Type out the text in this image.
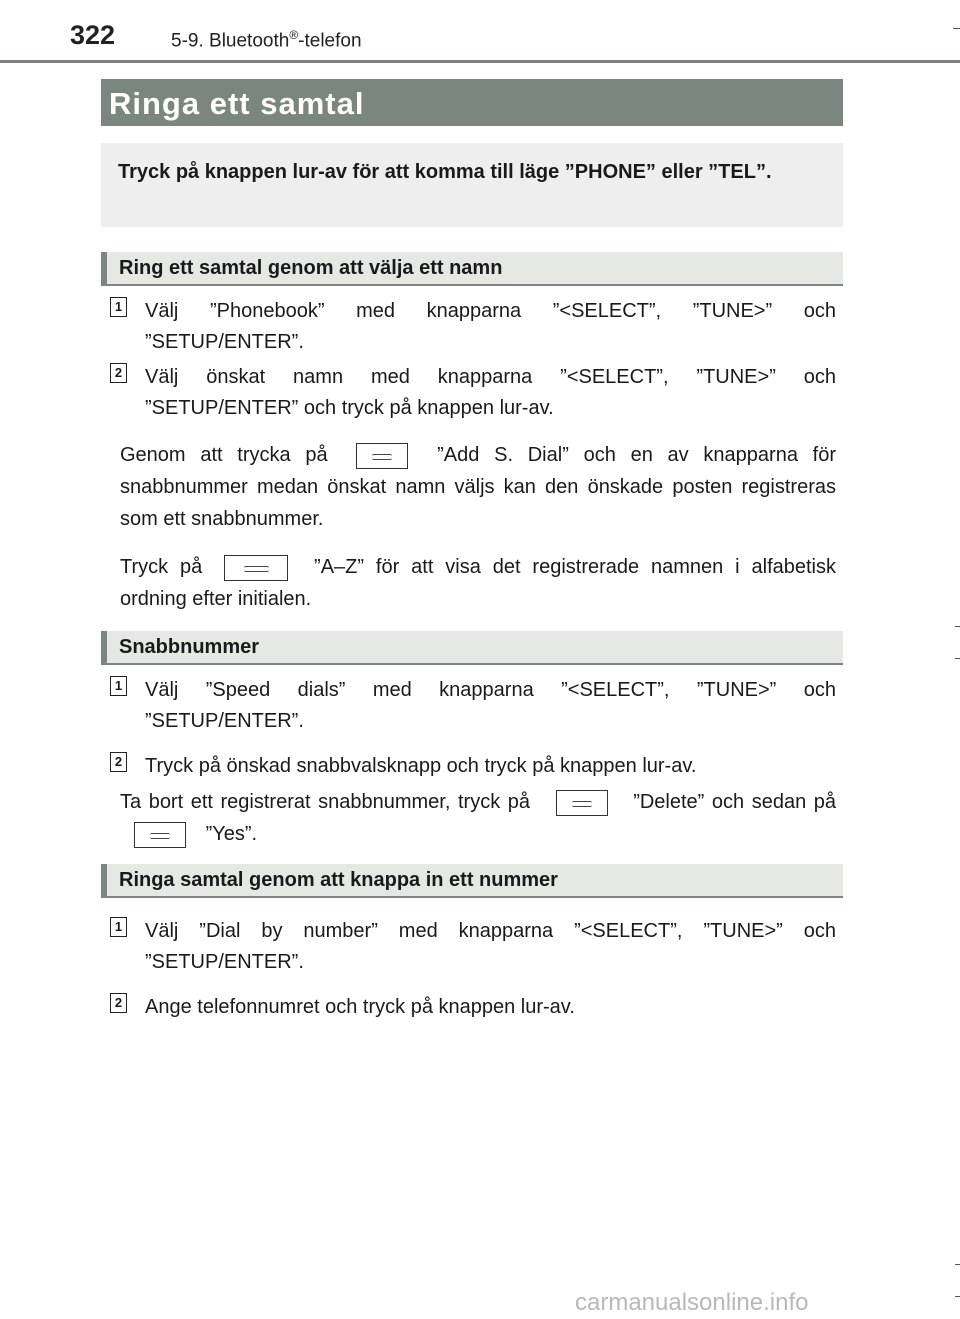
322	5-9. Bluetooth®-telefon
Ringa ett samtal
Tryck på knappen lur-av för att komma till läge ”PHONE” eller ”TEL”.
Ring ett samtal genom att välja ett namn
1 Välj ”Phonebook” med knapparna ”<SELECT”, ”TUNE>” och ”SETUP/ENTER”.
2 Välj önskat namn med knapparna ”<SELECT”, ”TUNE>” och ”SETUP/ENTER” och tryck på knappen lur-av.
Genom att trycka på	”Add S. Dial” och en av knapparna för snabbnummer medan önskat namn väljs kan den önskade posten registreras som ett snabbnummer.
Tryck på	”A–Z” för att visa det registrerade namnen i alfabetisk ordning efter initialen.
Snabbnummer
1 Välj ”Speed dials” med knapparna ”<SELECT”, ”TUNE>” och ”SETUP/ENTER”.
2 Tryck på önskad snabbvalsknapp och tryck på knappen lur-av.
Ta bort ett registrerat snabbnummer, tryck på	”Delete” och sedan på  ”Yes”.
Ringa samtal genom att knappa in ett nummer
1 Välj ”Dial by number” med knapparna ”<SELECT”, ”TUNE>” och ”SETUP/ENTER”.
2 Ange telefonnumret och tryck på knappen lur-av.
carmanualsonline.info
